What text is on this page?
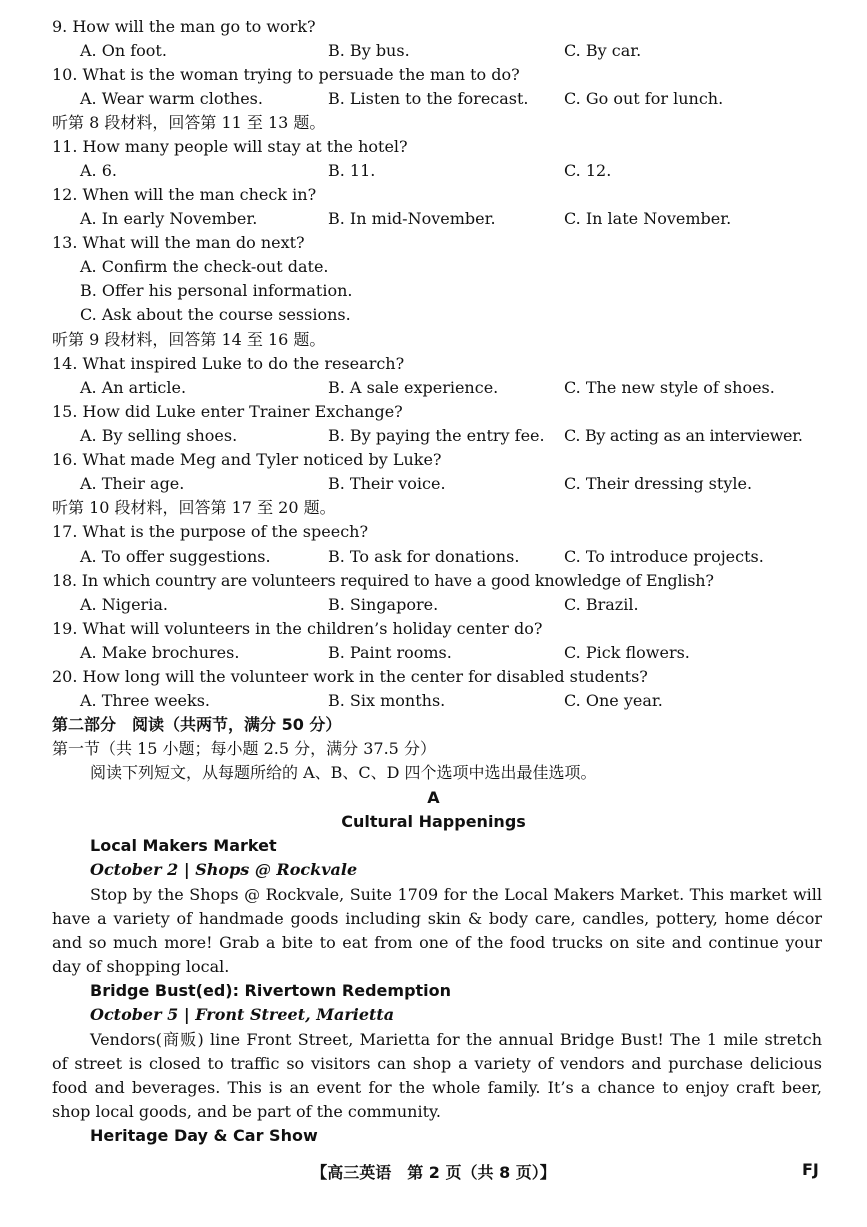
9. How will the man go to work?
A. On foot.	B. By bus.	C. By car.
10. What is the woman trying to persuade the man to do?
A. Wear warm clothes.	B. Listen to the forecast. C. Go out for lunch.
听第 8 段材料，回答第 11 至 13 题。
11. How many people will stay at the hotel?
A. 6.	B. 11.	C. 12.
12. When will the man check in?
A. In early November.	B. In mid-November.	C. In late November.
13. What will the man do next?
A. Confirm the check-out date.
B. Offer his personal information.
C. Ask about the course sessions.
听第 9 段材料，回答第 14 至 16 题。
14. What inspired Luke to do the research?
A. An article.	B. A sale experience.	C. The new style of shoes.
15. How did Luke enter Trainer Exchange?
A. By selling shoes.	B. By paying the entry fee. C. By acting as an interviewer.
16. What made Meg and Tyler noticed by Luke?
A. Their age.	B. Their voice.	C. Their dressing style.
听第 10 段材料，回答第 17 至 20 题。
17. What is the purpose of the speech?
A. To offer suggestions.	B. To ask for donations.	C. To introduce projects.
18. In which country are volunteers required to have a good knowledge of English?
A. Nigeria.	B. Singapore.	C. Brazil.
19. What will volunteers in the children’s holiday center do?
A. Make brochures.	B. Paint rooms.	C. Pick flowers.
20. How long will the volunteer work in the center for disabled students?
A. Three weeks.	B. Six months.	C. One year.
第二部分　阅读（共两节，满分 50 分）
第一节（共 15 小题；每小题 2.5 分，满分 37.5 分）
阅读下列短文，从每题所给的 A、B、C、D 四个选项中选出最佳选项。
A
Cultural Happenings
Local Makers Market
October 2 | Shops @ Rockvale
Stop by the Shops @ Rockvale, Suite 1709 for the Local Makers Market. This market will have a variety of handmade goods including skin & body care, candles, pottery, home décor and so much more! Grab a bite to eat from one of the food trucks on site and continue your day of shopping local.
Bridge Bust(ed): Rivertown Redemption
October 5 | Front Street, Marietta
Vendors(商贩) line Front Street, Marietta for the annual Bridge Bust! The 1 mile stretch of street is closed to traffic so visitors can shop a variety of vendors and purchase delicious food and beverages. This is an event for the whole family. It’s a chance to enjoy craft beer, shop local goods, and be part of the community.
Heritage Day & Car Show
【高三英语　第 2 页（共 8 页）】	FJ
